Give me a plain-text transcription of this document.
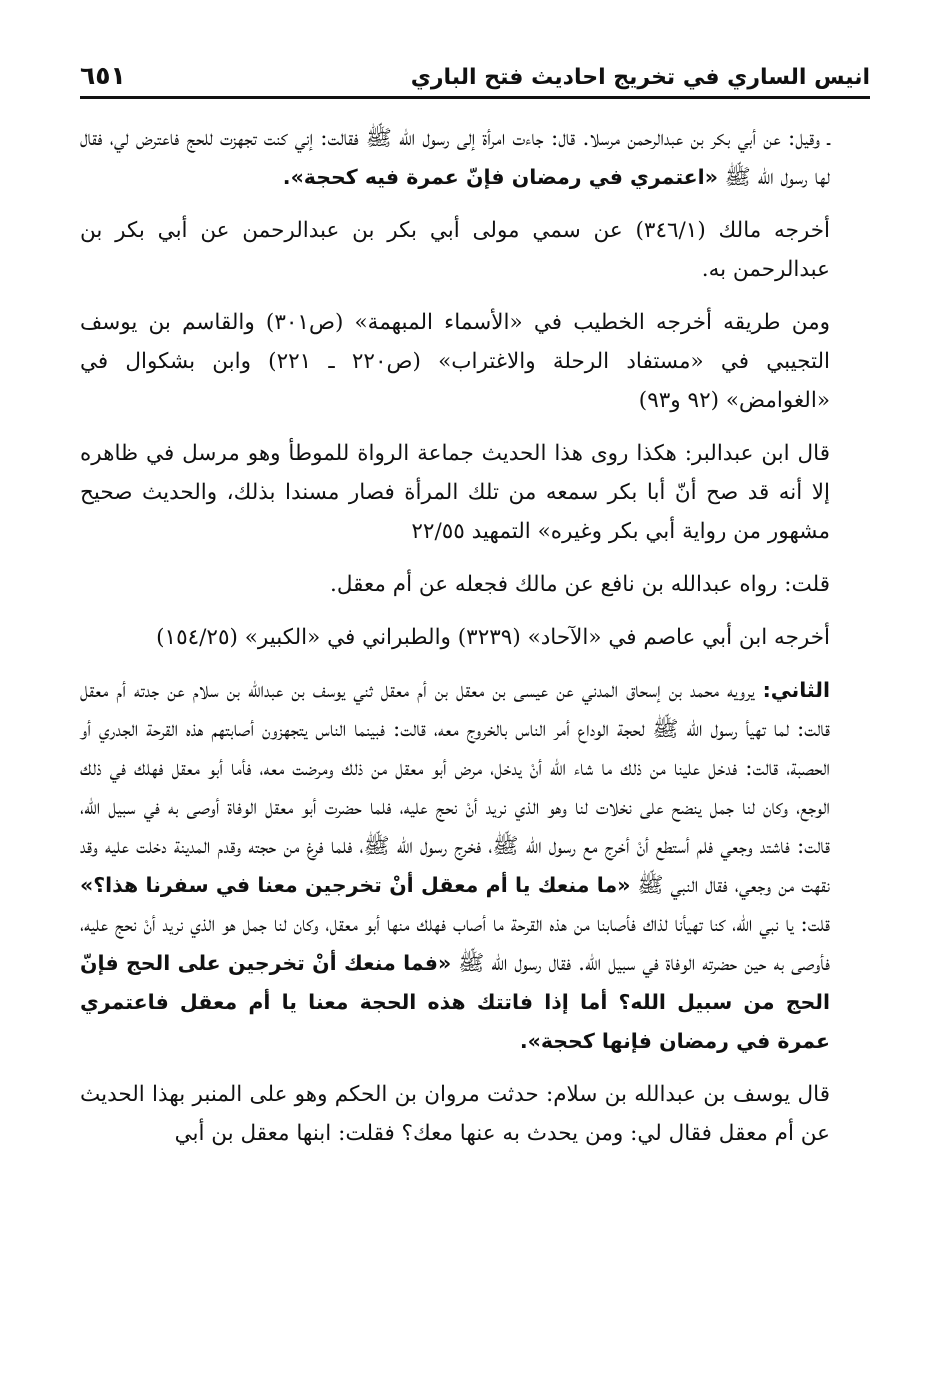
انيس الساري في تخريج احاديث فتح الباري
٦٥١

ـ وقيل: عن أبي بكر بن عبدالرحمن مرسلا. قال: جاءت امرأة إلى رسول الله ﷺ فقالت: إني كنت تجهزت للحج فاعترض لي، فقال لها رسول الله ﷺ «اعتمري في رمضان فإنّ عمرة فيه كحجة».

أخرجه مالك (٣٤٦/١) عن سمي مولى أبي بكر بن عبدالرحمن عن أبي بكر بن عبدالرحمن به.

ومن طريقه أخرجه الخطيب في «الأسماء المبهمة» (ص٣٠١) والقاسم بن يوسف التجيبي في «مستفاد الرحلة والاغتراب» (ص٢٢٠ ـ ٢٢١) وابن بشكوال في «الغوامض» (٩٢ و٩٣)

قال ابن عبدالبر: هكذا روى هذا الحديث جماعة الرواة للموطأ وهو مرسل في ظاهره إلا أنه قد صح أنّ أبا بكر سمعه من تلك المرأة فصار مسندا بذلك، والحديث صحيح مشهور من رواية أبي بكر وغيره» التمهيد ٢٢/٥٥

قلت: رواه عبدالله بن نافع عن مالك فجعله عن أم معقل.

أخرجه ابن أبي عاصم في «الآحاد» (٣٢٣٩) والطبراني في «الكبير» (١٥٤/٢٥)

الثاني: يرويه محمد بن إسحاق المدني عن عيسى بن معقل بن أم معقل ثني يوسف بن عبدالله بن سلام عن جدته أم معقل قالت: لما تهيأ رسول الله ﷺ لحجة الوداع أمر الناس بالخروج معه، قالت: فبينما الناس يتجهزون أصابتهم هذه القرحة الجدري أو الحصبة، قالت: فدخل علينا من ذلك ما شاء الله أنْ يدخل، مرض أبو معقل من ذلك ومرضت معه، فأما أبو معقل فهلك في ذلك الوجع، وكان لنا جمل ينضح على نخلات لنا وهو الذي نريد أنْ نحج عليه، فلما حضرت أبو معقل الوفاة أوصى به في سبيل الله، قالت: فاشتد وجعي فلم أستطع أنْ أخرج مع رسول الله ﷺ، فخرج رسول الله ﷺ، فلما فرغ من حجته وقدم المدينة دخلت عليه وقد نقهت من وجعي، فقال النبي ﷺ «ما منعك يا أم معقل أنْ تخرجين معنا في سفرنا هذا؟» قلت: يا نبي الله، كنا تهيأنا لذاك فأصابنا من هذه القرحة ما أصاب فهلك منها أبو معقل، وكان لنا جمل هو الذي نريد أنْ نحج عليه، فأوصى به حين حضرته الوفاة في سبيل الله. فقال رسول الله ﷺ «فما منعك أنْ تخرجين على الحج فإنّ الحج من سبيل الله؟ أما إذا فاتتك هذه الحجة معنا يا أم معقل فاعتمري عمرة في رمضان فإنها كحجة».

قال يوسف بن عبدالله بن سلام: حدثت مروان بن الحكم وهو على المنبر بهذا الحديث عن أم معقل فقال لي: ومن يحدث به عنها معك؟ فقلت: ابنها معقل بن أبي
